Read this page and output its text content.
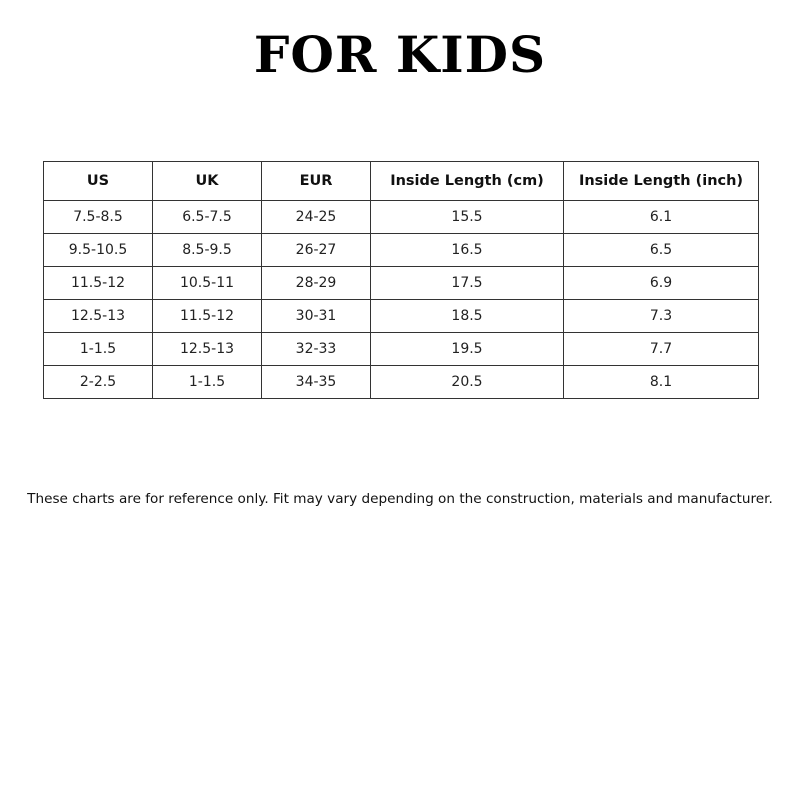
FOR KIDS
US	UK	EUR	Inside Length (cm)	Inside Length (inch)
7.5-8.5	6.5-7.5	24-25	15.5	6.1
9.5-10.5	8.5-9.5	26-27	16.5	6.5
11.5-12	10.5-11	28-29	17.5	6.9
12.5-13	11.5-12	30-31	18.5	7.3
1-1.5	12.5-13	32-33	19.5	7.7
2-2.5	1-1.5	34-35	20.5	8.1

These charts are for reference only. Fit may vary depending on the construction, materials and manufacturer.
